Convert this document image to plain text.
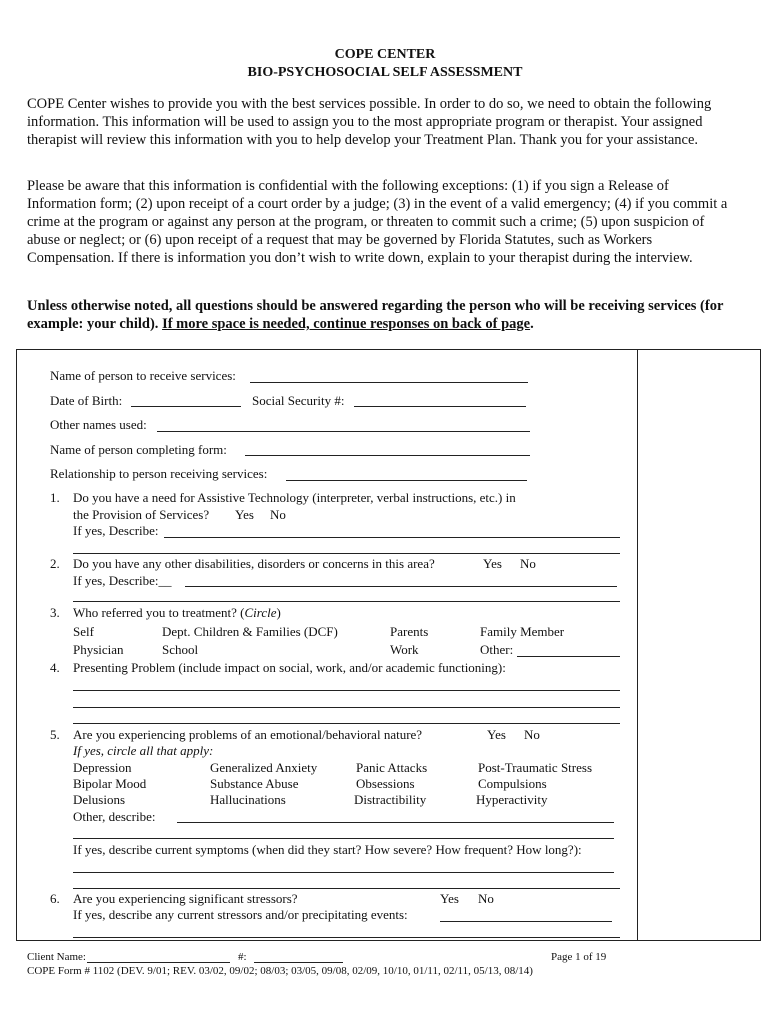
COPE CENTER
BIO-PSYCHOSOCIAL SELF ASSESSMENT
COPE Center wishes to provide you with the best services possible. In order to do so, we need to obtain the following information. This information will be used to assign you to the most appropriate program or therapist. Your assigned therapist will review this information with you to help develop your Treatment Plan. Thank you for your assistance.
Please be aware that this information is confidential with the following exceptions: (1) if you sign a Release of Information form; (2) upon receipt of a court order by a judge; (3) in the event of a valid emergency; (4) if you commit a crime at the program or against any person at the program, or threaten to commit such a crime; (5) upon suspicion of abuse or neglect; or (6) upon receipt of a request that may be governed by Florida Statutes, such as Workers Compensation. If there is information you don’t wish to write down, explain to your therapist during the interview.
Unless otherwise noted, all questions should be answered regarding the person who will be receiving services (for example: your child). If more space is needed, continue responses on back of page.
Name of person to receive services:
Date of Birth:	Social Security #:
Other names used:
Name of person completing form:
Relationship to person receiving services:
1. Do you have a need for Assistive Technology (interpreter, verbal instructions, etc.) in
the Provision of Services? Yes No
If yes, Describe:
2. Do you have any other disabilities, disorders or concerns in this area?	Yes No
If yes, Describe:__
3. Who referred you to treatment? (Circle)
Self	Dept. Children & Families (DCF)	Parents	Family Member
Physician	School	Work	Other:
4. Presenting Problem (include impact on social, work, and/or academic functioning):
5. Are you experiencing problems of an emotional/behavioral nature?	Yes No
If yes, circle all that apply:
Depression	Generalized Anxiety	Panic Attacks	Post-Traumatic Stress
Bipolar Mood	Substance Abuse	Obsessions	Compulsions
Delusions	Hallucinations	Distractibility	Hyperactivity
Other, describe:
If yes, describe current symptoms (when did they start? How severe? How frequent? How long?):
6. Are you experiencing significant stressors?	Yes No
If yes, describe any current stressors and/or precipitating events:
Client Name:	#:	Page 1 of 19
COPE Form # 1102 (DEV. 9/01; REV. 03/02, 09/02; 08/03; 03/05, 09/08, 02/09, 10/10, 01/11, 02/11, 05/13, 08/14)
